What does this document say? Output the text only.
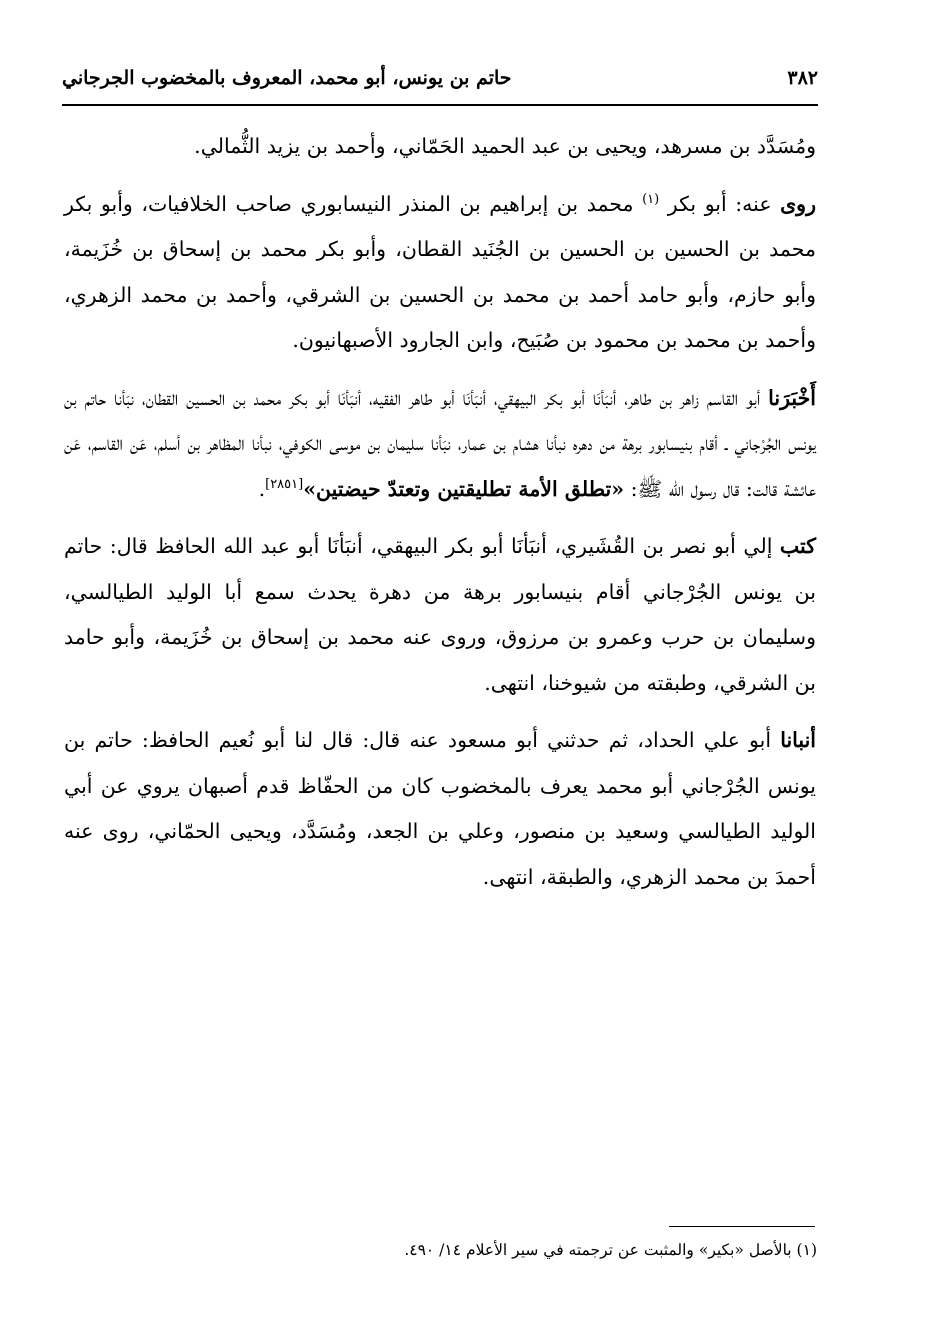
٣٨٢
حاتم بن يونس، أبو محمد، المعروف بالمخضوب الجرجاني

ومُسَدَّد بن مسرهد، ويحيى بن عبد الحميد الحَمّاني، وأحمد بن يزيد الثُّمالي.

روى عنه: أبو بكر $^{(١)}$ محمد بن إبراهيم بن المنذر النيسابوري صاحب الخلافيات، وأبو بكر محمد بن الحسين بن الحسين بن الجُنَيد القطان، وأبو بكر محمد بن إسحاق بن خُزَيمة، وأبو حازم، وأبو حامد أحمد بن محمد بن الحسين بن الشرقي، وأحمد بن محمد الزهري، وأحمد بن محمد بن محمود بن صُبَيح، وابن الجارود الأصبهانيون.

أَخْبَرَنا أبو القاسم زاهر بن طاهر، أنبَأنَا أبو بكر البيهقي، أنبَأنَا أبو طاهر الفقيه، أنبَأنَا أبو بكر محمد بن الحسين القطان، نبَأنا حاتم بن يونس الجُرْجاني ـ أقام بنيسابور برهة من دهره نبأنا هشام بن عمار، نبَأنا سليمان بن موسى الكوفي، نبأنا المظاهر بن أسلم، عَن القاسم، عَن عائشة قالت: قال رسول الله ﷺ: «تطلق الأمة تطليقتين وتعتدّ حيضتين»[٢٨٥١].

كتب إلي أبو نصر بن القُشَيري، أنبَأنَا أبو بكر البيهقي، أنبَأنَا أبو عبد الله الحافظ قال: حاتم بن يونس الجُرْجاني أقام بنيسابور برهة من دهرة يحدث سمع أبا الوليد الطيالسي، وسليمان بن حرب وعمرو بن مرزوق، وروى عنه محمد بن إسحاق بن خُزَيمة، وأبو حامد بن الشرقي، وطبقته من شيوخنا، انتهى.

أنبانا أبو علي الحداد، ثم حدثني أبو مسعود عنه قال: قال لنا أبو نُعيم الحافظ: حاتم بن يونس الجُرْجاني أبو محمد يعرف بالمخضوب كان من الحفّاظ قدم أصبهان يروي عن أبي الوليد الطيالسي وسعيد بن منصور، وعلي بن الجعد، ومُسَدَّد، ويحيى الحمّاني، روى عنه أحمدَ بن محمد الزهري، والطبقة، انتهى.

(١) بالأصل «بكير» والمثبت عن ترجمته في سير الأعلام ١٤/ ٤٩٠.
